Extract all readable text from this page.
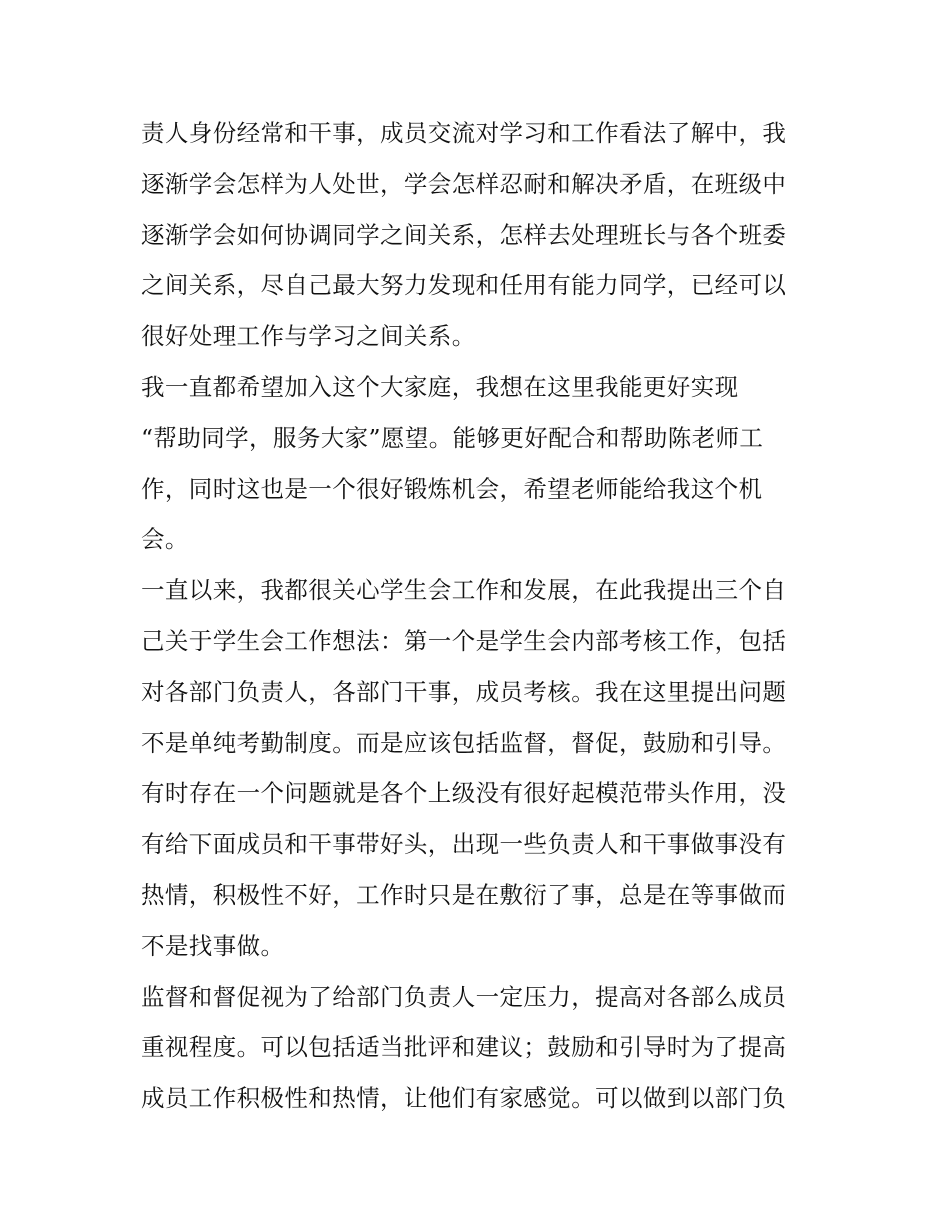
责人身份经常和干事，成员交流对学习和工作看法了解中，我
逐渐学会怎样为人处世，学会怎样忍耐和解决矛盾，在班级中
逐渐学会如何协调同学之间关系，怎样去处理班长与各个班委
之间关系，尽自己最大努力发现和任用有能力同学，已经可以
很好处理工作与学习之间关系。
我一直都希望加入这个大家庭，我想在这里我能更好实现
“帮助同学，服务大家”愿望。能够更好配合和帮助陈老师工
作，同时这也是一个很好锻炼机会，希望老师能给我这个机
会。
一直以来，我都很关心学生会工作和发展，在此我提出三个自
己关于学生会工作想法：第一个是学生会内部考核工作，包括
对各部门负责人，各部门干事，成员考核。我在这里提出问题
不是单纯考勤制度。而是应该包括监督，督促，鼓励和引导。
有时存在一个问题就是各个上级没有很好起模范带头作用，没
有给下面成员和干事带好头，出现一些负责人和干事做事没有
热情，积极性不好，工作时只是在敷衍了事，总是在等事做而
不是找事做。
监督和督促视为了给部门负责人一定压力，提高对各部么成员
重视程度。可以包括适当批评和建议；鼓励和引导时为了提高
成员工作积极性和热情，让他们有家感觉。可以做到以部门负
